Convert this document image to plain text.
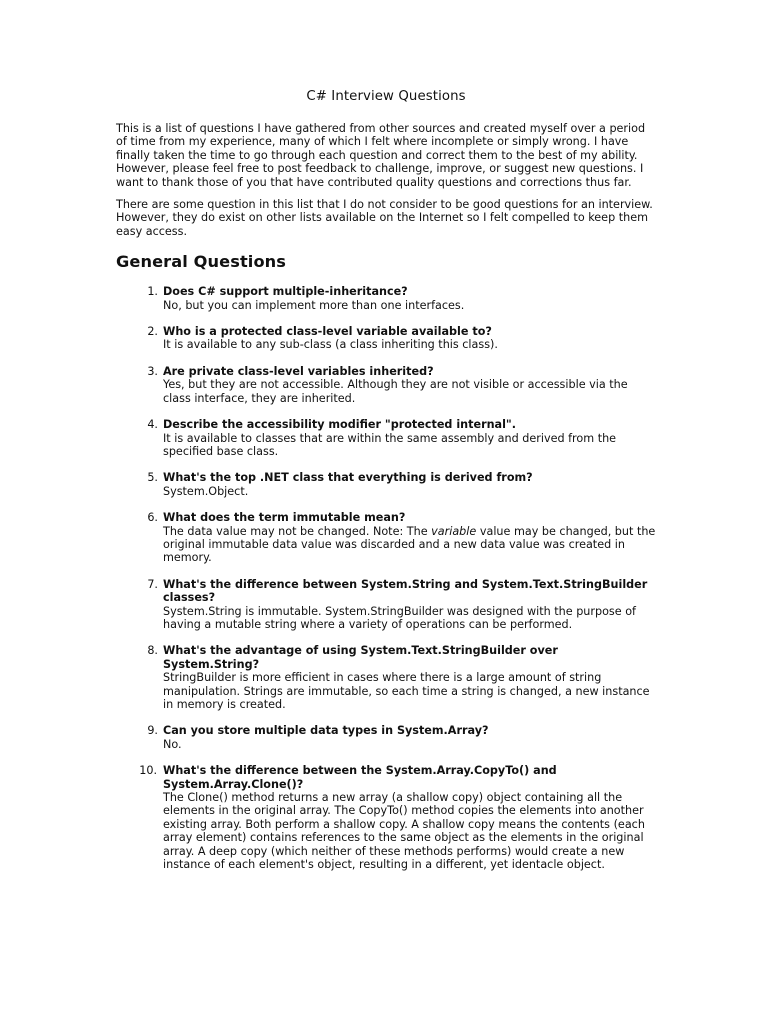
C# Interview Questions

This is a list of questions I have gathered from other sources and created myself over a period of time from my experience, many of which I felt where incomplete or simply wrong. I have finally taken the time to go through each question and correct them to the best of my ability. However, please feel free to post feedback to challenge, improve, or suggest new questions. I want to thank those of you that have contributed quality questions and corrections thus far.

There are some question in this list that I do not consider to be good questions for an interview. However, they do exist on other lists available on the Internet so I felt compelled to keep them easy access.

General Questions
1. Does C# support multiple-inheritance?
No, but you can implement more than one interfaces.
2. Who is a protected class-level variable available to?
It is available to any sub-class (a class inheriting this class).
3. Are private class-level variables inherited?
Yes, but they are not accessible. Although they are not visible or accessible via the class interface, they are inherited.
4. Describe the accessibility modifier "protected internal".
It is available to classes that are within the same assembly and derived from the specified base class.
5. What's the top .NET class that everything is derived from?
System.Object.
6. What does the term immutable mean?
The data value may not be changed. Note: The variable value may be changed, but the original immutable data value was discarded and a new data value was created in memory.
7. What's the difference between System.String and System.Text.StringBuilder classes?
System.String is immutable. System.StringBuilder was designed with the purpose of having a mutable string where a variety of operations can be performed.
8. What's the advantage of using System.Text.StringBuilder over System.String?
StringBuilder is more efficient in cases where there is a large amount of string manipulation. Strings are immutable, so each time a string is changed, a new instance in memory is created.
9. Can you store multiple data types in System.Array?
No.
10. What's the difference between the System.Array.CopyTo() and System.Array.Clone()?
The Clone() method returns a new array (a shallow copy) object containing all the elements in the original array. The CopyTo() method copies the elements into another existing array. Both perform a shallow copy. A shallow copy means the contents (each array element) contains references to the same object as the elements in the original array. A deep copy (which neither of these methods performs) would create a new instance of each element's object, resulting in a different, yet identacle object.
